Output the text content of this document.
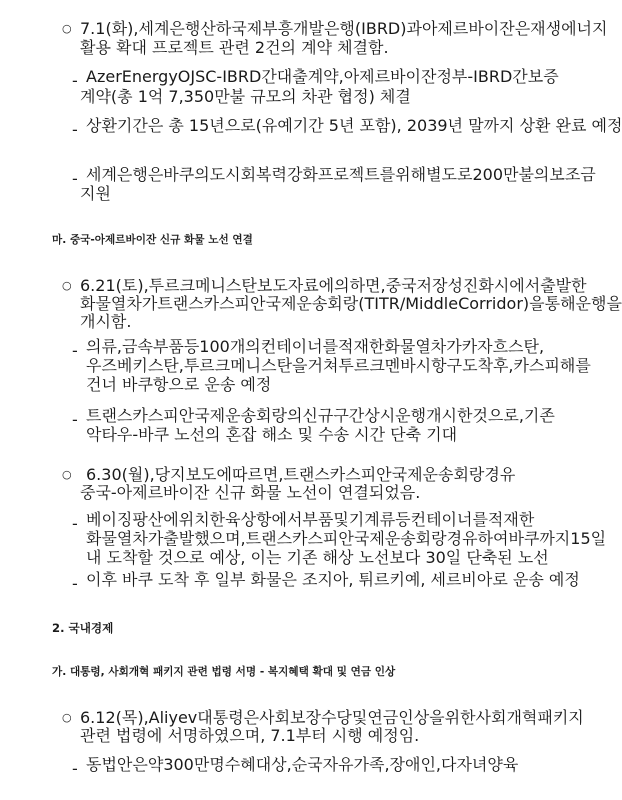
○ 7.1(화), 세계은행 산하 국제부흥개발은행(IBRD)과 아제르바이잔은 재생에너지
활용 확대 프로젝트 관련 2건의 계약 체결함.
- AzerEnergy OJSC-IBRD 간 대출 계약, 아제르바이잔 정부- IBRD 간 보증
계약(총 1억 7,350만불 규모의 차관 협정) 체결
- 상환기간은 총 15년으로(유예기간 5년 포함), 2039년 말까지 상환 완료 예정
- 세계은행은 바쿠의 도시 회복력 강화 프로젝트를 위해 별도로 200만불의 보조금
지원
마. 중국-아제르바이잔 신규 화물 노선 연결
○ 6.21(토), 투르크메니스탄 보도자료에 의하면, 중국 저장성 진화시에서 출발한
화물열차가 트랜스카스피안 국제운송회랑(TITR/Middle Corridor)을 통해 운행을
개시함.
- 의류, 금속부품 등 100개의 컨테이너를 적재한 화물열차가 카자흐스탄,
우즈베키스탄, 투르크메니스탄을 거쳐 투르크멘바시항구 도착후, 카스피해를
건너 바쿠항으로 운송 예정
- 트랜스카스피안 국제운송회랑의 신규 구간 상시운행 개시한 것으로, 기존
악타우-바쿠 노선의 혼잡 해소 및 수송 시간 단축 기대
○ 6.30(월), 당지 보도에 따르면, 트랜스카스피안 국제운송회랑 경유
중국-아제르바이잔 신규 화물 노선이 연결되었음.
- 베이징 팡산에 위치한 육상항에서 부품 및 기계류 등 컨테이너를 적재한
화물열차가 출발했으며, 트랜스카스피안 국제운송회랑 경유하여 바쿠까지 15일
내 도착할 것으로 예상, 이는 기존 해상 노선보다 30일 단축된 노선
- 이후 바쿠 도착 후 일부 화물은 조지아, 튀르키예, 세르비아로 운송 예정
2. 국내경제
가. 대통령, 사회개혁 패키지 관련 법령 서명 - 복지혜택 확대 및 연금 인상
○ 6.12(목), Aliyev 대통령은 사회보장 수당 및 연금 인상을 위한 사회개혁 패키지
관련 법령에 서명하였으며, 7.1부터 시행 예정임.
- 동 법안은 약 300만 명 수혜 대상, 순국자 유가족, 장애인, 다자녀 양육
